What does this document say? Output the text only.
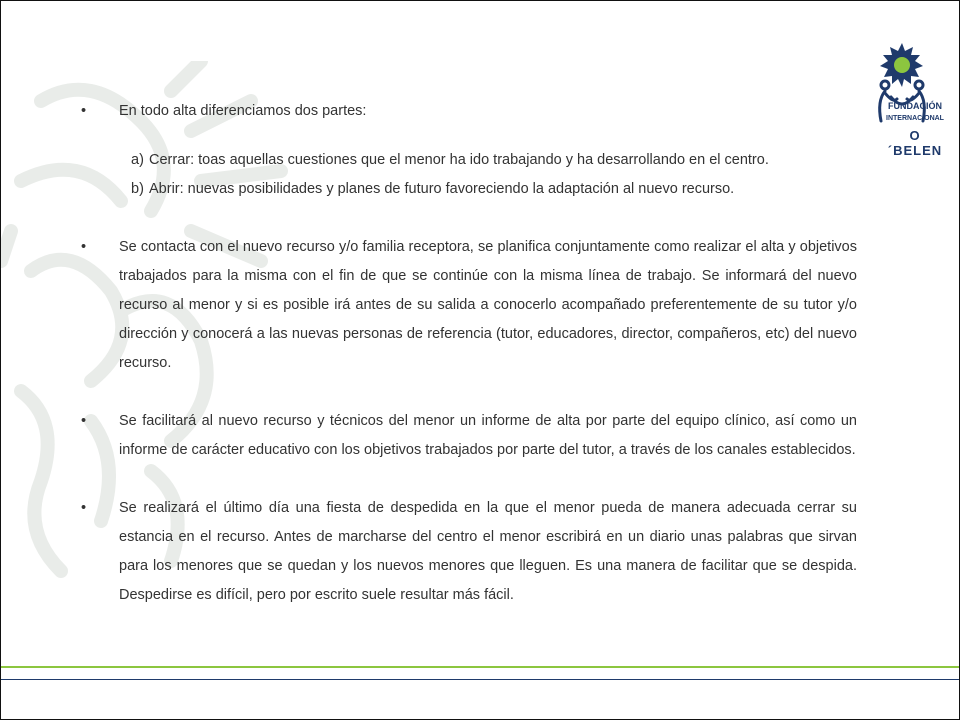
FUNDACIÓN
INTERNACIONAL
O´BELEN
• En todo alta diferenciamos dos partes:
a) Cerrar: toas aquellas cuestiones que el menor ha ido trabajando y ha desarrollando en el centro.
b) Abrir: nuevas posibilidades y planes de futuro favoreciendo la adaptación al nuevo recurso.
• Se contacta con el nuevo recurso y/o familia receptora, se planifica conjuntamente como realizar el alta y objetivos trabajados para la misma con el fin de que se continúe con la misma línea de trabajo. Se informará del nuevo recurso al menor y si es posible irá antes de su salida a conocerlo acompañado preferentemente de su tutor y/o dirección y conocerá a las nuevas personas de referencia (tutor, educadores, director, compañeros, etc) del nuevo recurso.
• Se facilitará al nuevo recurso y técnicos del menor un informe de alta por parte del equipo clínico, así como un informe de carácter educativo con los objetivos trabajados por parte del tutor, a través de los canales establecidos.
• Se realizará el último día una fiesta de despedida en la que el menor pueda de manera adecuada cerrar su estancia en el recurso. Antes de marcharse del centro el menor escribirá en un diario unas palabras que sirvan para los menores que se quedan y los nuevos menores que lleguen. Es una manera de facilitar que se despida. Despedirse es difícil, pero por escrito suele resultar más fácil.
